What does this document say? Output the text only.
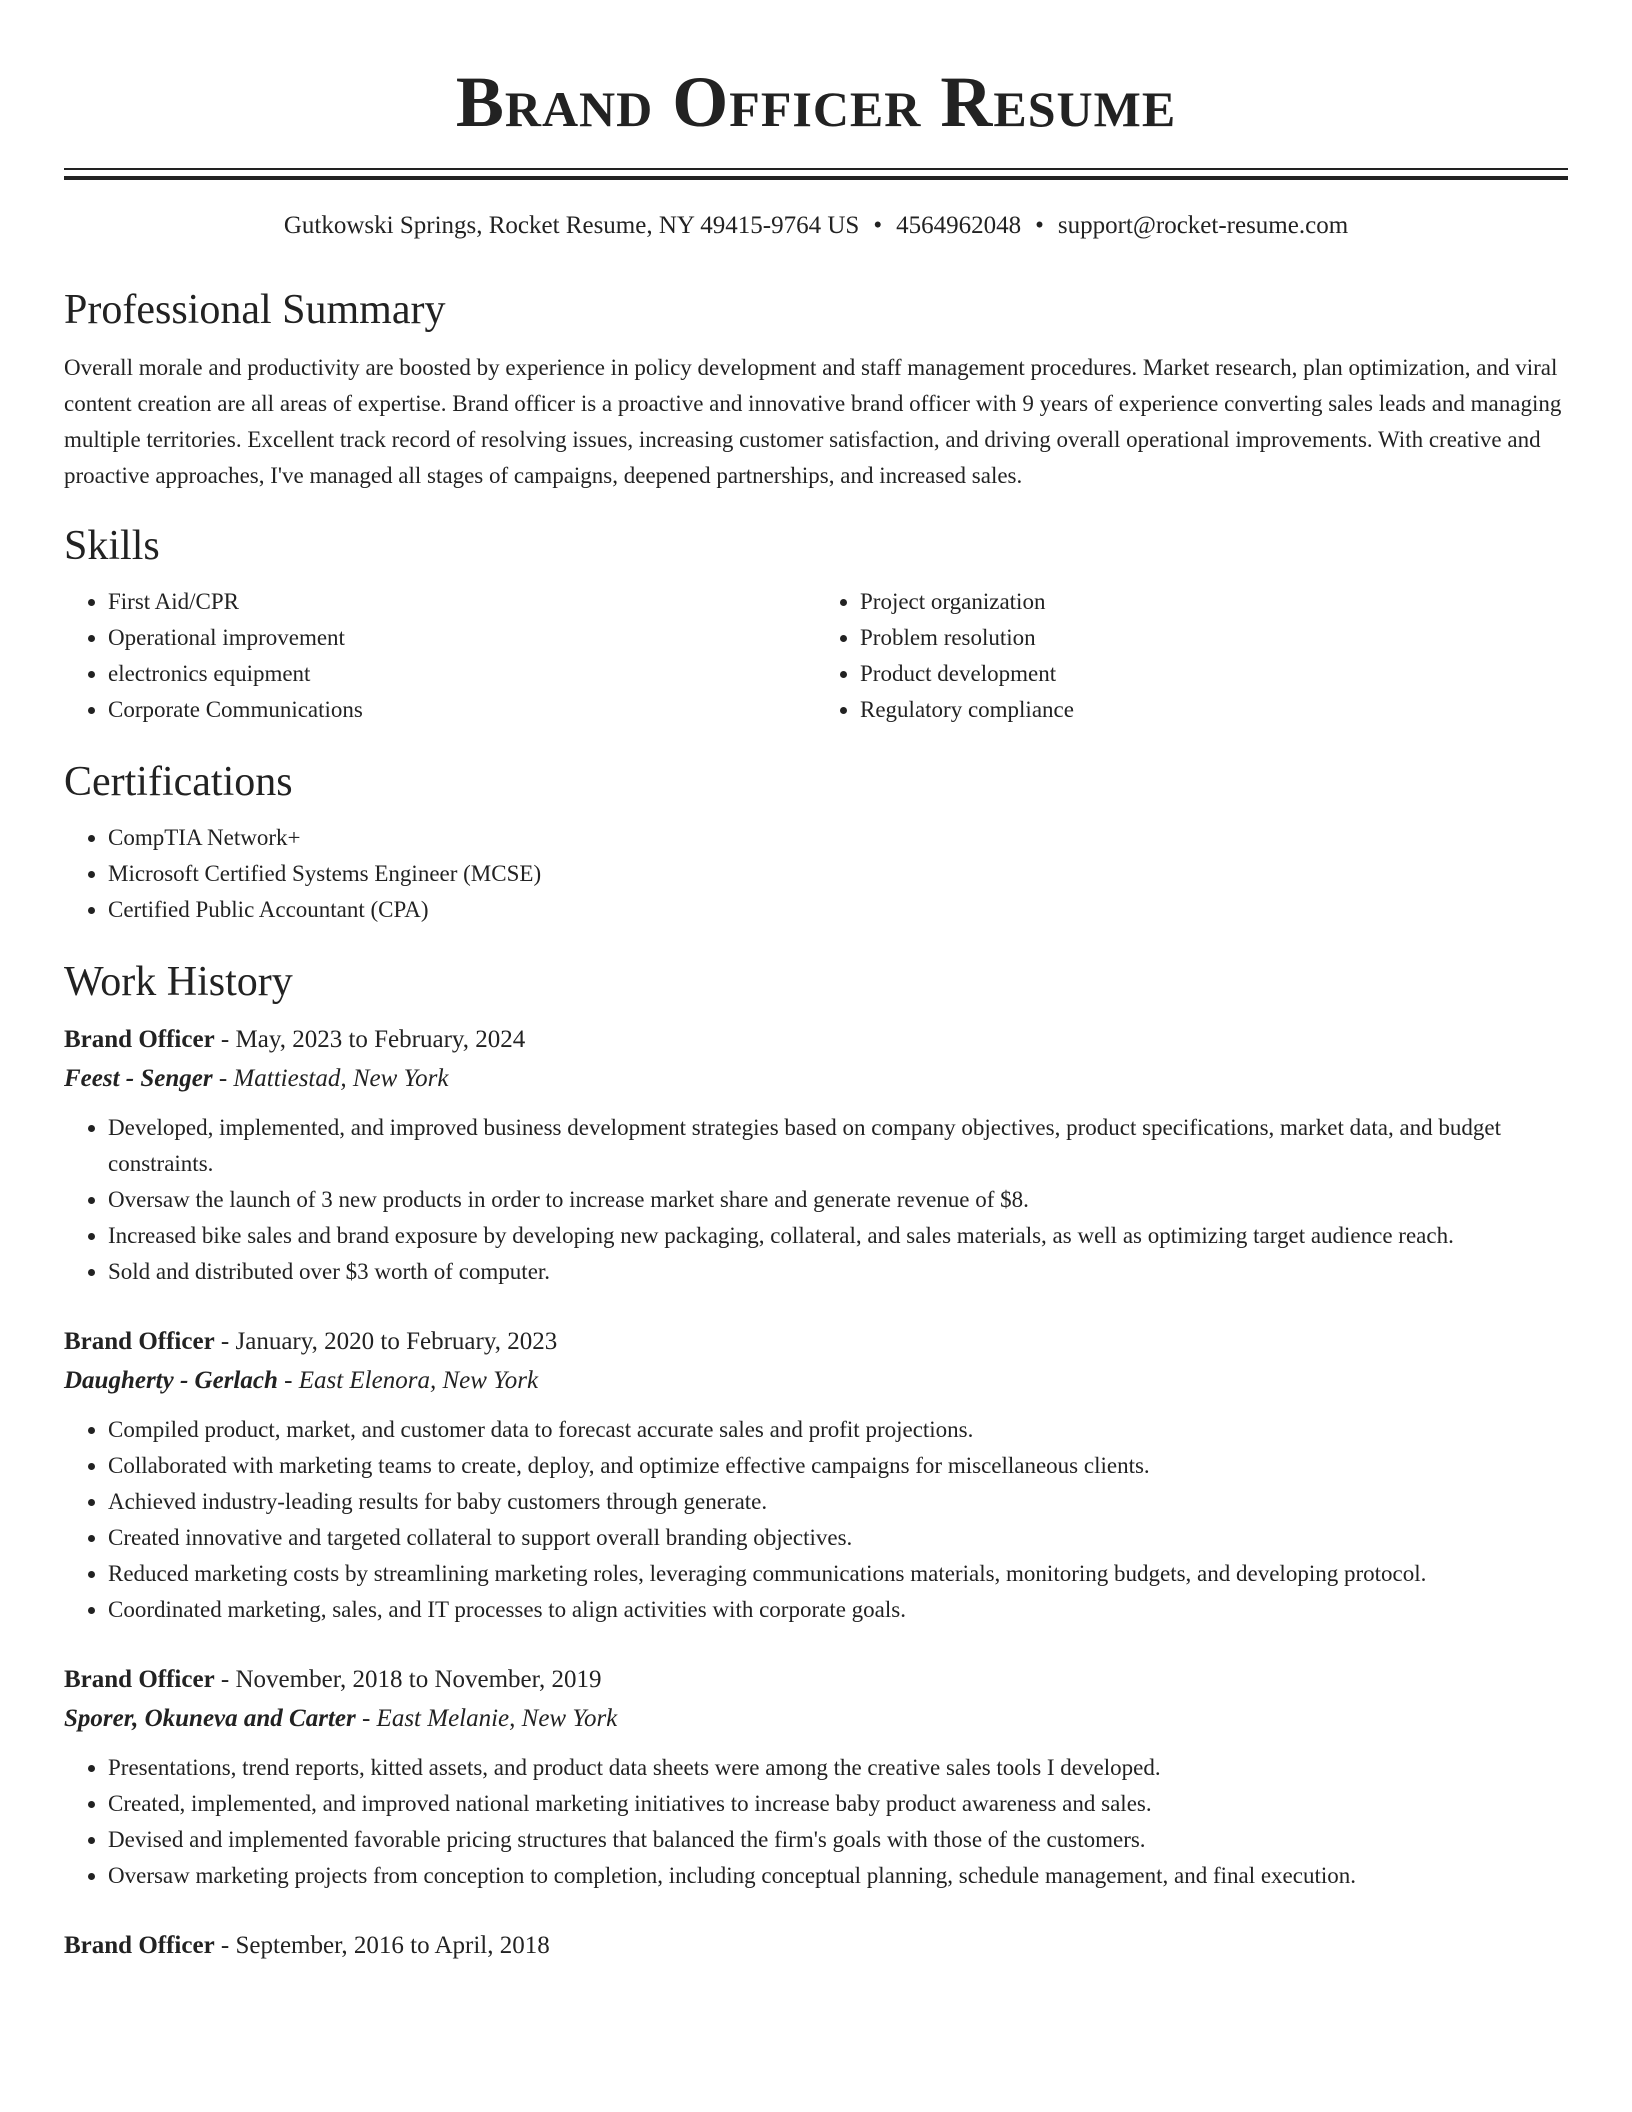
Brand Officer Resume
Gutkowski Springs, Rocket Resume, NY 49415-9764 US • 4564962048 • support@rocket-resume.com
Professional Summary

Overall morale and productivity are boosted by experience in policy development and staff management procedures. Market research, plan optimization, and viral content creation are all areas of expertise. Brand officer is a proactive and innovative brand officer with 9 years of experience converting sales leads and managing multiple territories. Excellent track record of resolving issues, increasing customer satisfaction, and driving overall operational improvements. With creative and proactive approaches, I've managed all stages of campaigns, deepened partnerships, and increased sales.

Skills
• First Aid/CPR
• Operational improvement
• electronics equipment
• Corporate Communications
• Project organization
• Problem resolution
• Product development
• Regulatory compliance
Certifications
• CompTIA Network+
• Microsoft Certified Systems Engineer (MCSE)
• Certified Public Accountant (CPA)
Work History
Brand Officer - May, 2023 to February, 2024
Feest - Senger - Mattiestad, New York
• Developed, implemented, and improved business development strategies based on company objectives, product specifications, market data, and budget constraints.
• Oversaw the launch of 3 new products in order to increase market share and generate revenue of $8.
• Increased bike sales and brand exposure by developing new packaging, collateral, and sales materials, as well as optimizing target audience reach.
• Sold and distributed over $3 worth of computer.
Brand Officer - January, 2020 to February, 2023
Daugherty - Gerlach - East Elenora, New York
• Compiled product, market, and customer data to forecast accurate sales and profit projections.
• Collaborated with marketing teams to create, deploy, and optimize effective campaigns for miscellaneous clients.
• Achieved industry-leading results for baby customers through generate.
• Created innovative and targeted collateral to support overall branding objectives.
• Reduced marketing costs by streamlining marketing roles, leveraging communications materials, monitoring budgets, and developing protocol.
• Coordinated marketing, sales, and IT processes to align activities with corporate goals.
Brand Officer - November, 2018 to November, 2019
Sporer, Okuneva and Carter - East Melanie, New York
• Presentations, trend reports, kitted assets, and product data sheets were among the creative sales tools I developed.
• Created, implemented, and improved national marketing initiatives to increase baby product awareness and sales.
• Devised and implemented favorable pricing structures that balanced the firm's goals with those of the customers.
• Oversaw marketing projects from conception to completion, including conceptual planning, schedule management, and final execution.
Brand Officer - September, 2016 to April, 2018
